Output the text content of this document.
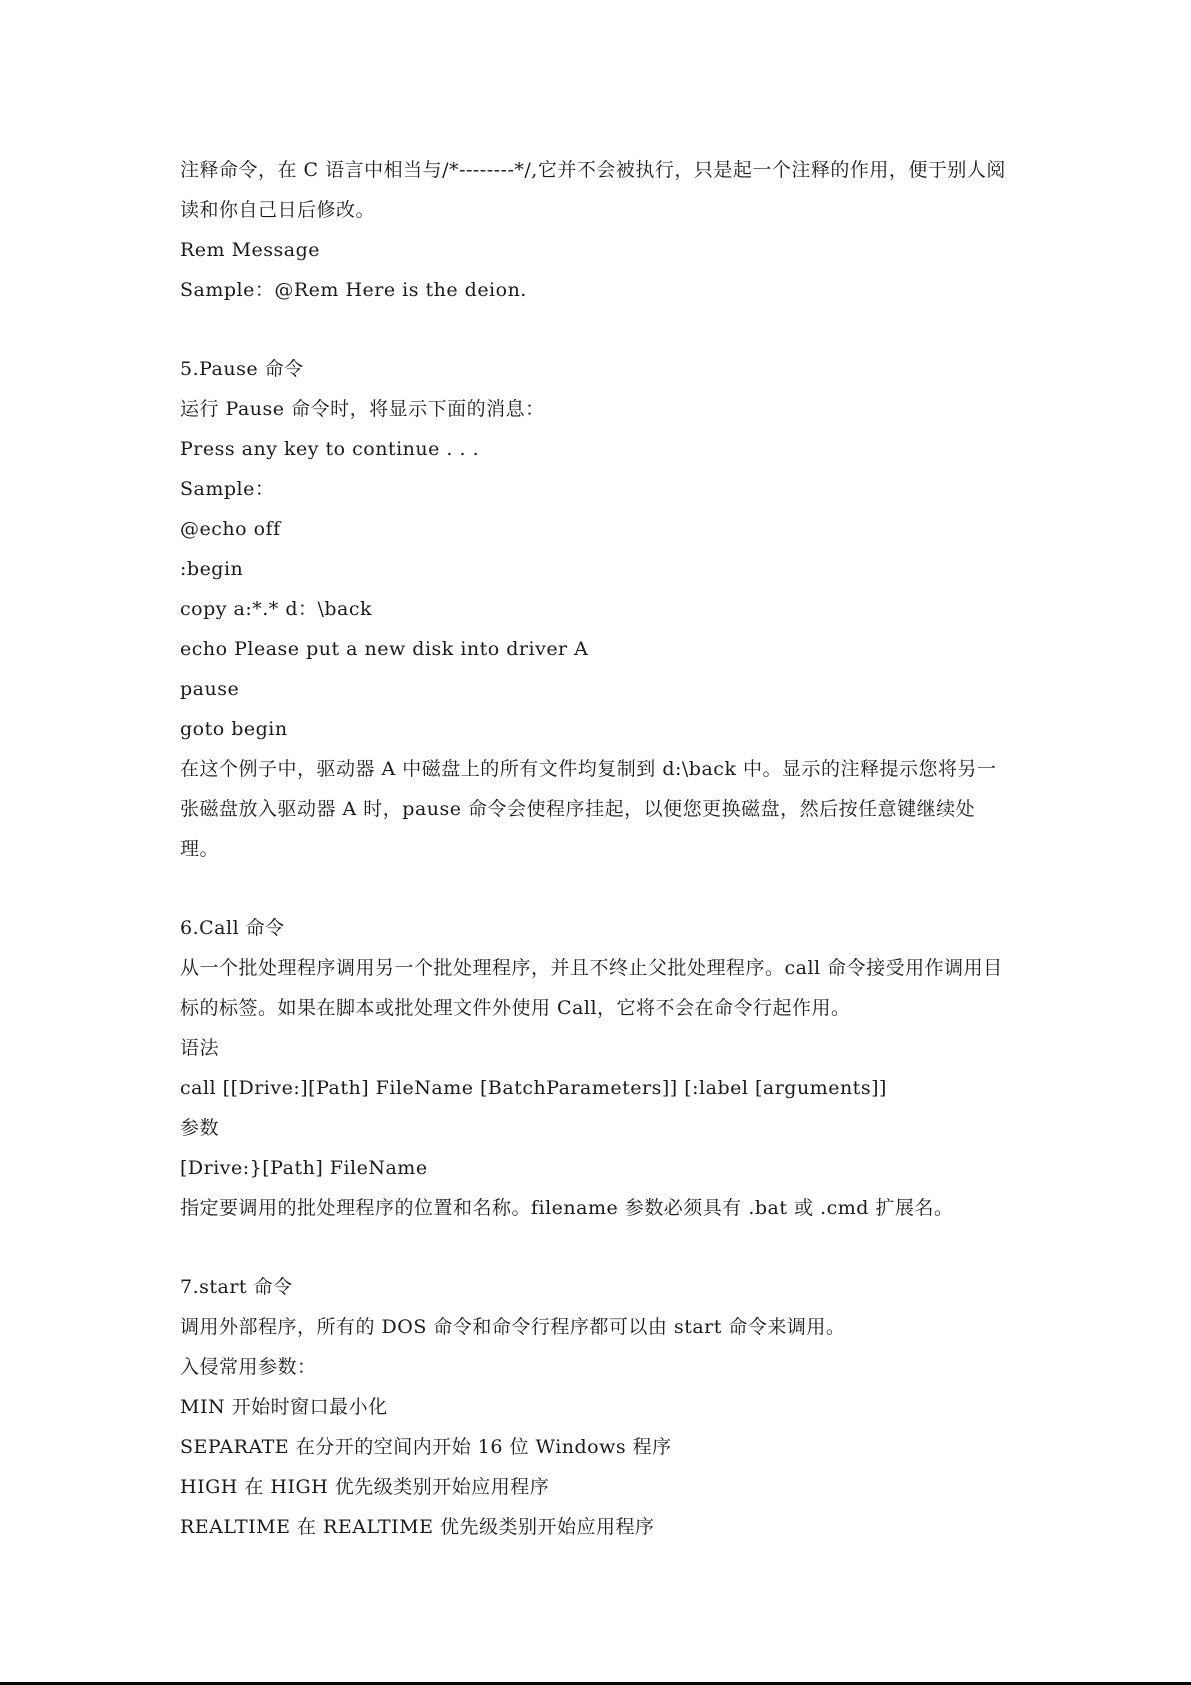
注释命令，在 C 语言中相当与/*--------*/,它并不会被执行，只是起一个注释的作用，便于别人阅读和你自己日后修改。
Rem Message
Sample：@Rem Here is the deion.
5.Pause 命令
运行 Pause 命令时，将显示下面的消息：
Press any key to continue . . .
Sample：
@echo off
:begin
copy a:*.* d：\back
echo Please put a new disk into driver A
pause
goto begin
在这个例子中，驱动器 A 中磁盘上的所有文件均复制到 d:\back 中。显示的注释提示您将另一张磁盘放入驱动器 A 时，pause 命令会使程序挂起，以便您更换磁盘，然后按任意键继续处理。
6.Call 命令
从一个批处理程序调用另一个批处理程序，并且不终止父批处理程序。call 命令接受用作调用目标的标签。如果在脚本或批处理文件外使用 Call，它将不会在命令行起作用。
语法
call [[Drive:][Path] FileName [BatchParameters]] [:label [arguments]]
参数
[Drive:}[Path] FileName
指定要调用的批处理程序的位置和名称。filename 参数必须具有 .bat 或 .cmd 扩展名。
7.start 命令
调用外部程序，所有的 DOS 命令和命令行程序都可以由 start 命令来调用。
入侵常用参数：
MIN 开始时窗口最小化
SEPARATE 在分开的空间内开始 16 位 Windows 程序
HIGH 在 HIGH 优先级类别开始应用程序
REALTIME 在 REALTIME 优先级类别开始应用程序
